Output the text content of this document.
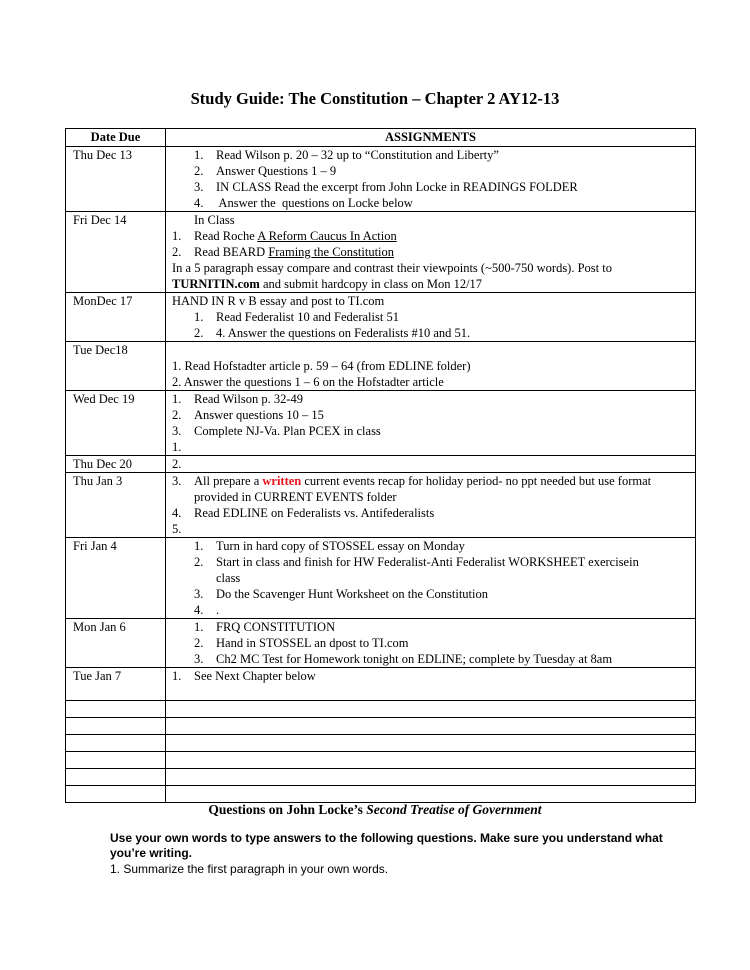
Study Guide: The Constitution – Chapter 2 AY12-13
Date Due	ASSIGNMENTS
Thu Dec 13	1. Read Wilson p. 20 – 32 up to “Constitution and Liberty”
2. Answer Questions 1 – 9
3. IN CLASS Read the excerpt from John Locke in READINGS FOLDER
4. Answer the  questions on Locke below

Fri Dec 14	In Class
1. Read Roche A Reform Caucus In Action
2. Read BEARD Framing the Constitution
In a 5 paragraph essay compare and contrast their viewpoints (~500-750 words). Post to
TURNITIN.com and submit hardcopy in class on Mon 12/17

MonDec 17	HAND IN R v B essay and post to TI.com
1. Read Federalist 10 and Federalist 51
2. 4. Answer the questions on Federalists #10 and 51.

Tue Dec18	1. Read Hofstadter article p. 59 – 64 (from EDLINE folder)
2. Answer the questions 1 – 6 on the Hofstadter article

Wed Dec 19	1. Read Wilson p. 32-49
2. Answer questions 10 – 15
3. Complete NJ-Va. Plan PCEX in class
1.

Thu Dec 20	2.

Thu Jan 3	3. All prepare a written current events recap for holiday period- no ppt needed but use format
provided in CURRENT EVENTS folder
4. Read EDLINE on Federalists vs. Antifederalists
5.

Fri Jan 4	1. Turn in hard copy of STOSSEL essay on Monday
2. Start in class and finish for HW Federalist-Anti Federalist WORKSHEET exercisein
class
3. Do the Scavenger Hunt Worksheet on the Constitution
4. .

Mon Jan 6	1. FRQ CONSTITUTION
2. Hand in STOSSEL an dpost to TI.com
3. Ch2 MC Test for Homework tonight on EDLINE; complete by Tuesday at 8am

Tue Jan 7	1. See Next Chapter below

Questions on John Locke’s Second Treatise of Government
Use your own words to type answers to the following questions. Make sure you understand what you’re writing.
1. Summarize the first paragraph in your own words.
